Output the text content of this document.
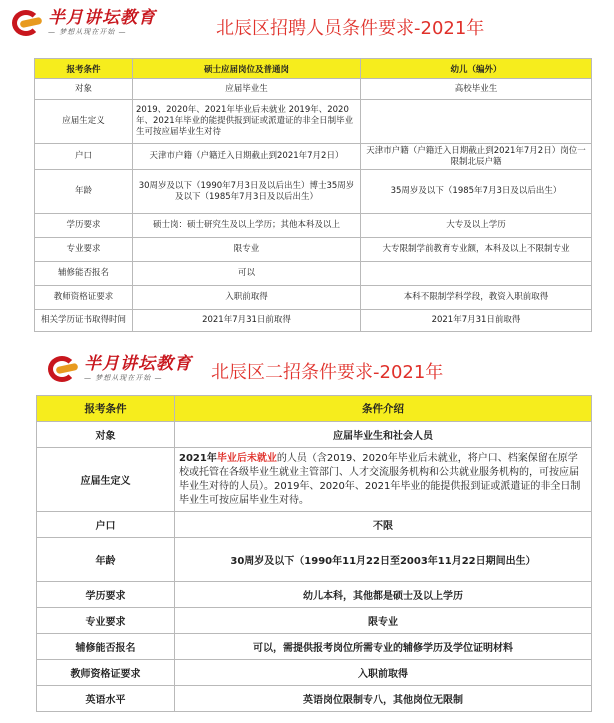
半月讲坛教育
— 梦想从现在开始 —	北辰区招聘人员条件要求-2021年
报考条件	硕士应届岗位及普通岗	幼儿（编外）
对象	应届毕业生	高校毕业生
应届生定义	2019、2020年、2021年毕业后未就业 2019年、2020年、2021年毕业的能提供报到证或派遣证的非全日制毕业生可按应届毕业生对待	
户口	天津市户籍（户籍迁入日期截止到2021年7月2日）	天津市户籍（户籍迁入日期截止到2021年7月2日）岗位一限制北辰户籍
年龄	30周岁及以下（1990年7月3日及以后出生）博士35周岁及以下（1985年7月3日及以后出生）	35周岁及以下（1985年7月3日及以后出生）
学历要求	硕士岗：硕士研究生及以上学历；其他本科及以上	大专及以上学历
专业要求	限专业	大专限制学前教育专业额，本科及以上不限制专业
辅修能否报名	可以	
教师资格证要求	入职前取得	本科不限制学科学段，教资入职前取得
相关学历证书取得时间	2021年7月31日前取得	2021年7月31日前取得
半月讲坛教育
— 梦想从现在开始 —	北辰区二招条件要求-2021年
报考条件	条件介绍
对象	应届毕业生和社会人员
应届生定义	2021年毕业后未就业的人员（含2019、2020年毕业后未就业，将户口、档案保留在原学校或托管在各级毕业生就业主管部门、人才交流服务机构和公共就业服务机构的，可按应届毕业生对待的人员）。2019年、2020年、2021年毕业的能提供报到证或派遣证的非全日制毕业生可按应届毕业生对待。
户口	不限
年龄	30周岁及以下（1990年11月22日至2003年11月22日期间出生）
学历要求	幼儿本科，其他都是硕士及以上学历
专业要求	限专业
辅修能否报名	可以，需提供报考岗位所需专业的辅修学历及学位证明材料
教师资格证要求	入职前取得
英语水平	英语岗位限制专八，其他岗位无限制
